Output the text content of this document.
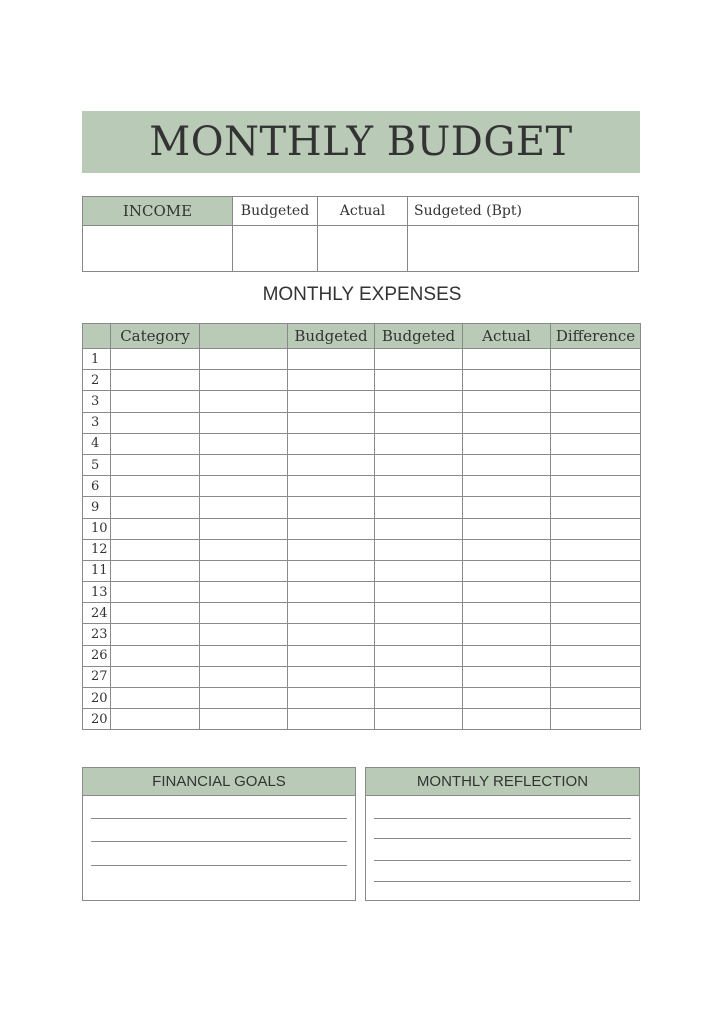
MONTHLY BUDGET
INCOME	Budgeted	Actual	Sudgeted (Bpt)
MONTHLY EXPENSES
	Category		Budgeted	Budgeted	Actual	Difference
1						
2						
3						
3						
4						
5						
6						
9						
10						
12						
11						
13						
24						
23						
26						
27						
20						
20						
FINANCIAL GOALS	MONTHLY REFLECTION
